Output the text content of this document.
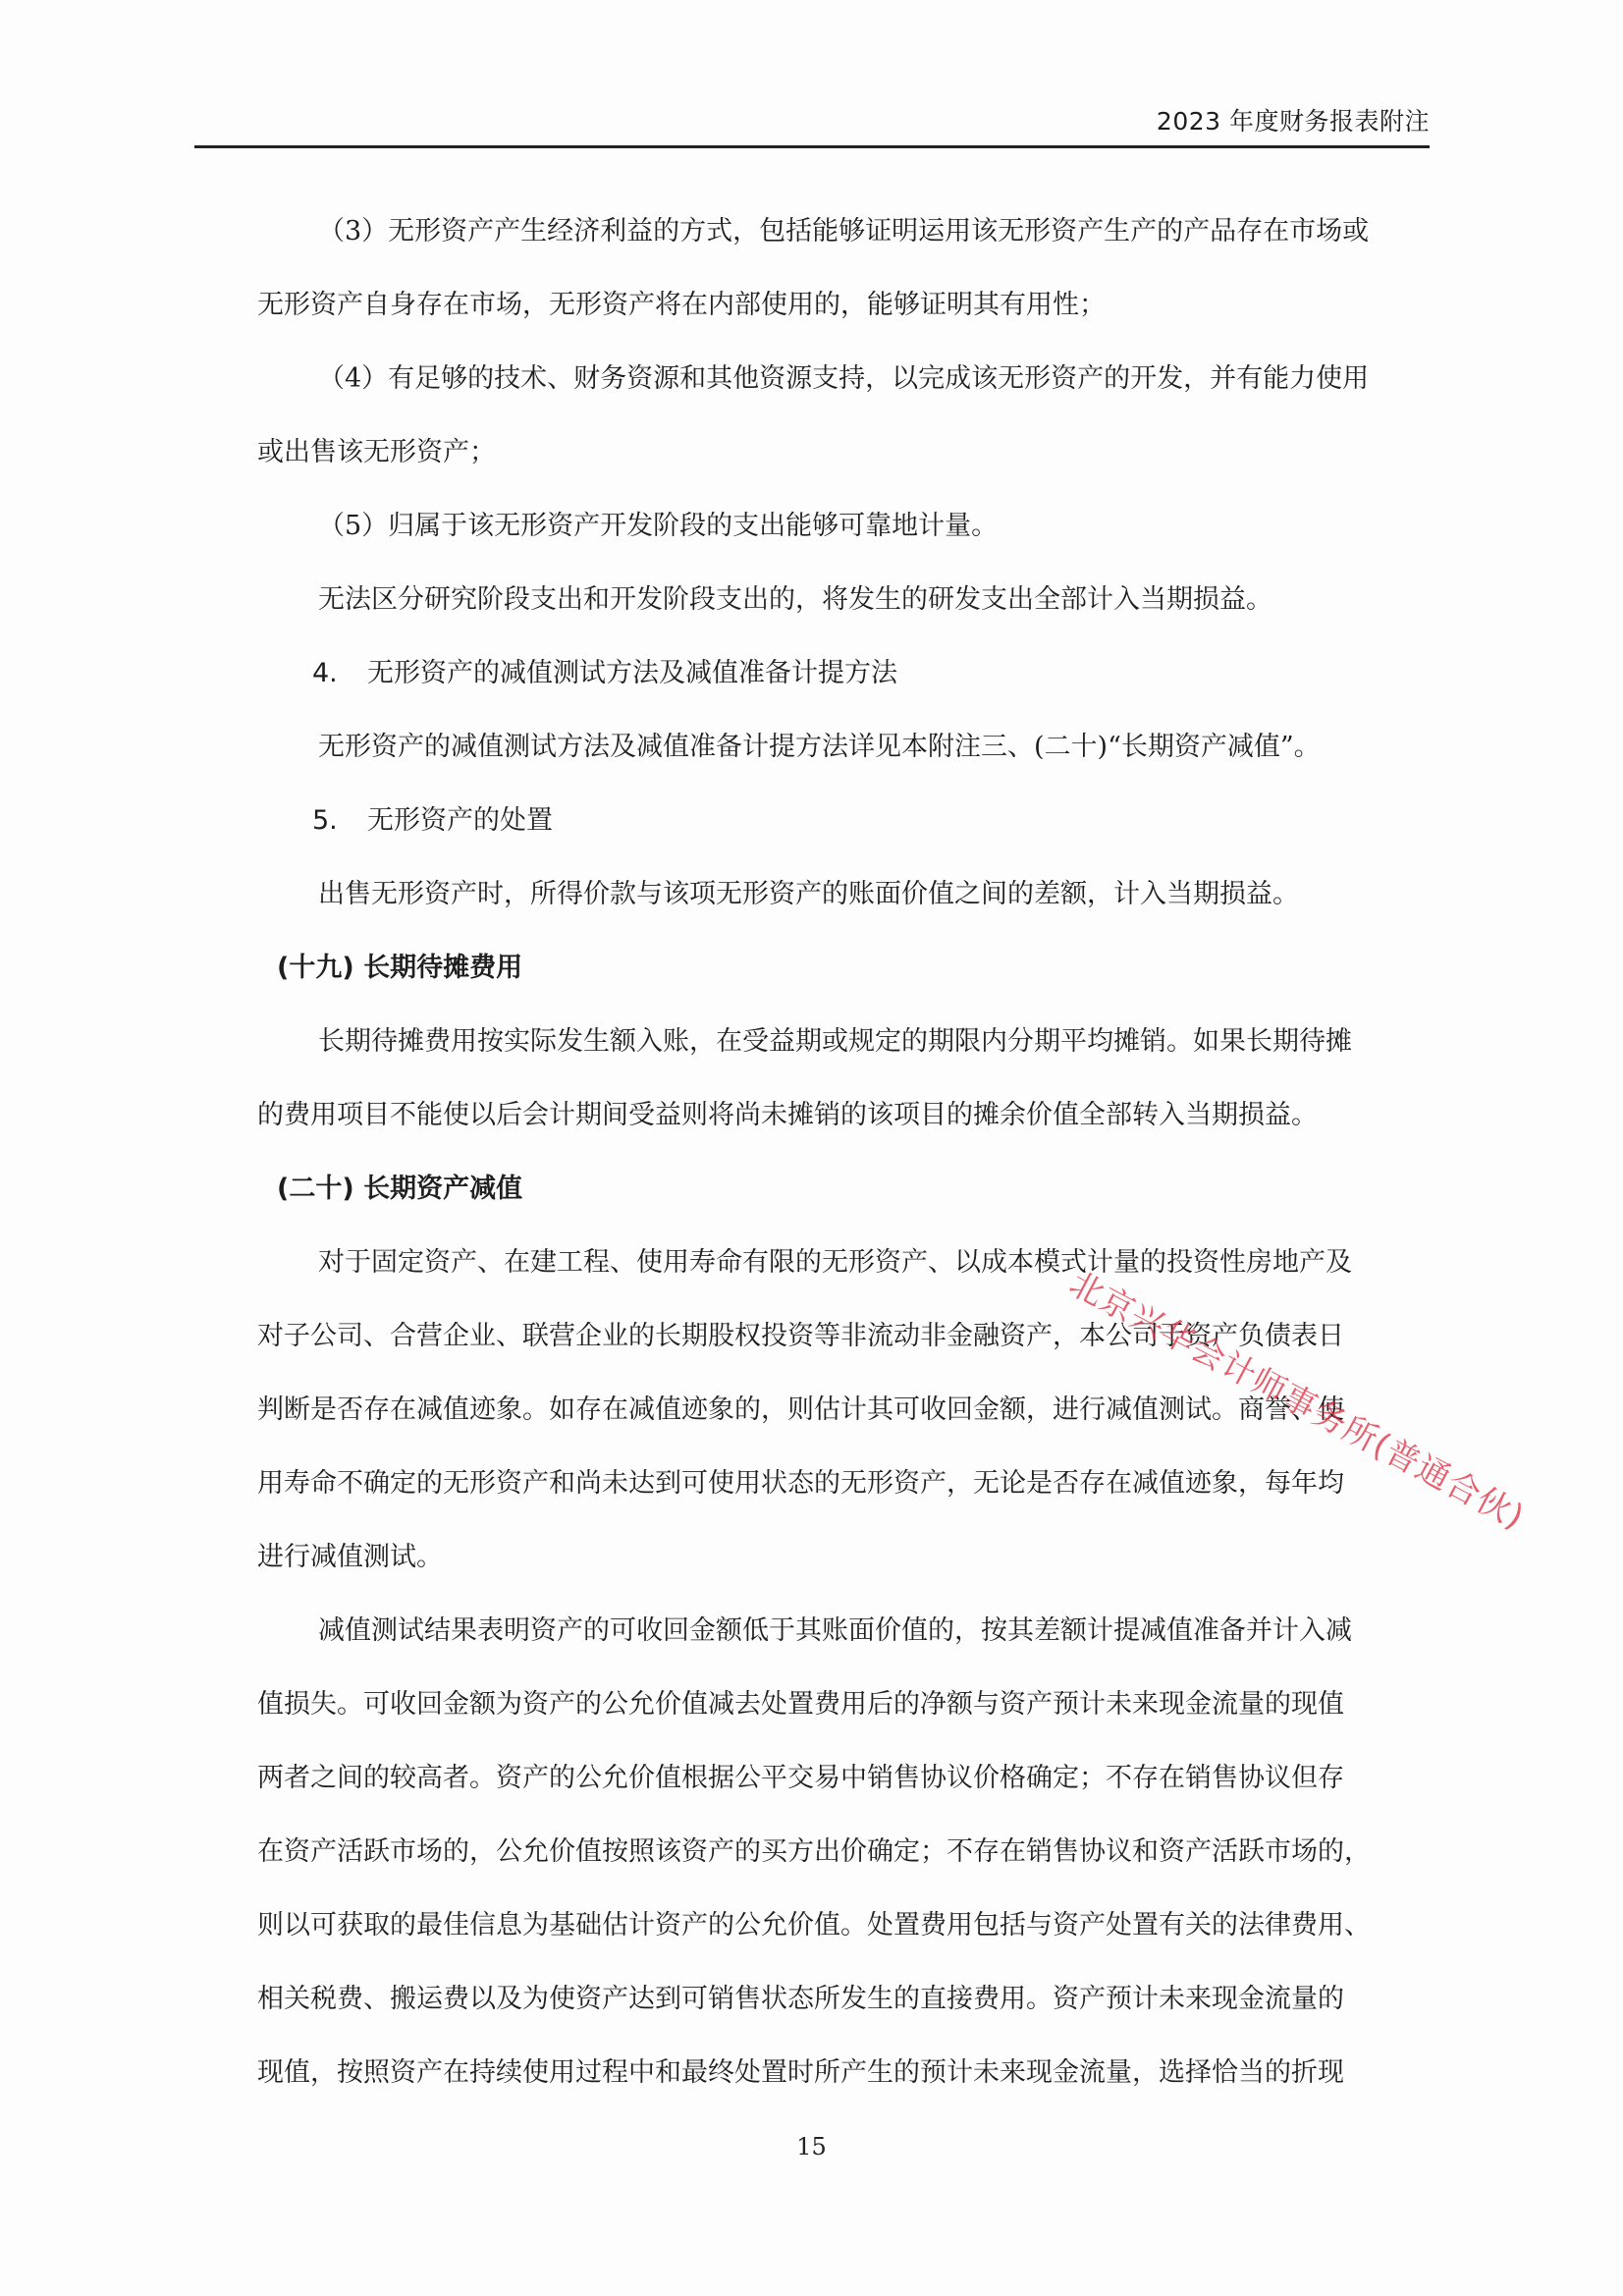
2023 年度财务报表附注
（3）无形资产产生经济利益的方式，包括能够证明运用该无形资产生产的产品存在市场或
无形资产自身存在市场，无形资产将在内部使用的，能够证明其有用性；
（4）有足够的技术、财务资源和其他资源支持，以完成该无形资产的开发，并有能力使用
或出售该无形资产；
（5）归属于该无形资产开发阶段的支出能够可靠地计量。
无法区分研究阶段支出和开发阶段支出的，将发生的研发支出全部计入当期损益。
4. 无形资产的减值测试方法及减值准备计提方法
无形资产的减值测试方法及减值准备计提方法详见本附注三、(二十)“长期资产减值”。
5. 无形资产的处置
出售无形资产时，所得价款与该项无形资产的账面价值之间的差额，计入当期损益。
(十九) 长期待摊费用
长期待摊费用按实际发生额入账，在受益期或规定的期限内分期平均摊销。如果长期待摊
的费用项目不能使以后会计期间受益则将尚未摊销的该项目的摊余价值全部转入当期损益。
(二十) 长期资产减值
对于固定资产、在建工程、使用寿命有限的无形资产、以成本模式计量的投资性房地产及
对子公司、合营企业、联营企业的长期股权投资等非流动非金融资产，本公司于资产负债表日
判断是否存在减值迹象。如存在减值迹象的，则估计其可收回金额，进行减值测试。商誉、使
用寿命不确定的无形资产和尚未达到可使用状态的无形资产，无论是否存在减值迹象，每年均
进行减值测试。
减值测试结果表明资产的可收回金额低于其账面价值的，按其差额计提减值准备并计入减
值损失。可收回金额为资产的公允价值减去处置费用后的净额与资产预计未来现金流量的现值
两者之间的较高者。资产的公允价值根据公平交易中销售协议价格确定；不存在销售协议但存
在资产活跃市场的，公允价值按照该资产的买方出价确定；不存在销售协议和资产活跃市场的，
则以可获取的最佳信息为基础估计资产的公允价值。处置费用包括与资产处置有关的法律费用、
相关税费、搬运费以及为使资产达到可销售状态所发生的直接费用。资产预计未来现金流量的
现值，按照资产在持续使用过程中和最终处置时所产生的预计未来现金流量，选择恰当的折现
北京兴华会计师事务所(普通合伙)
15
